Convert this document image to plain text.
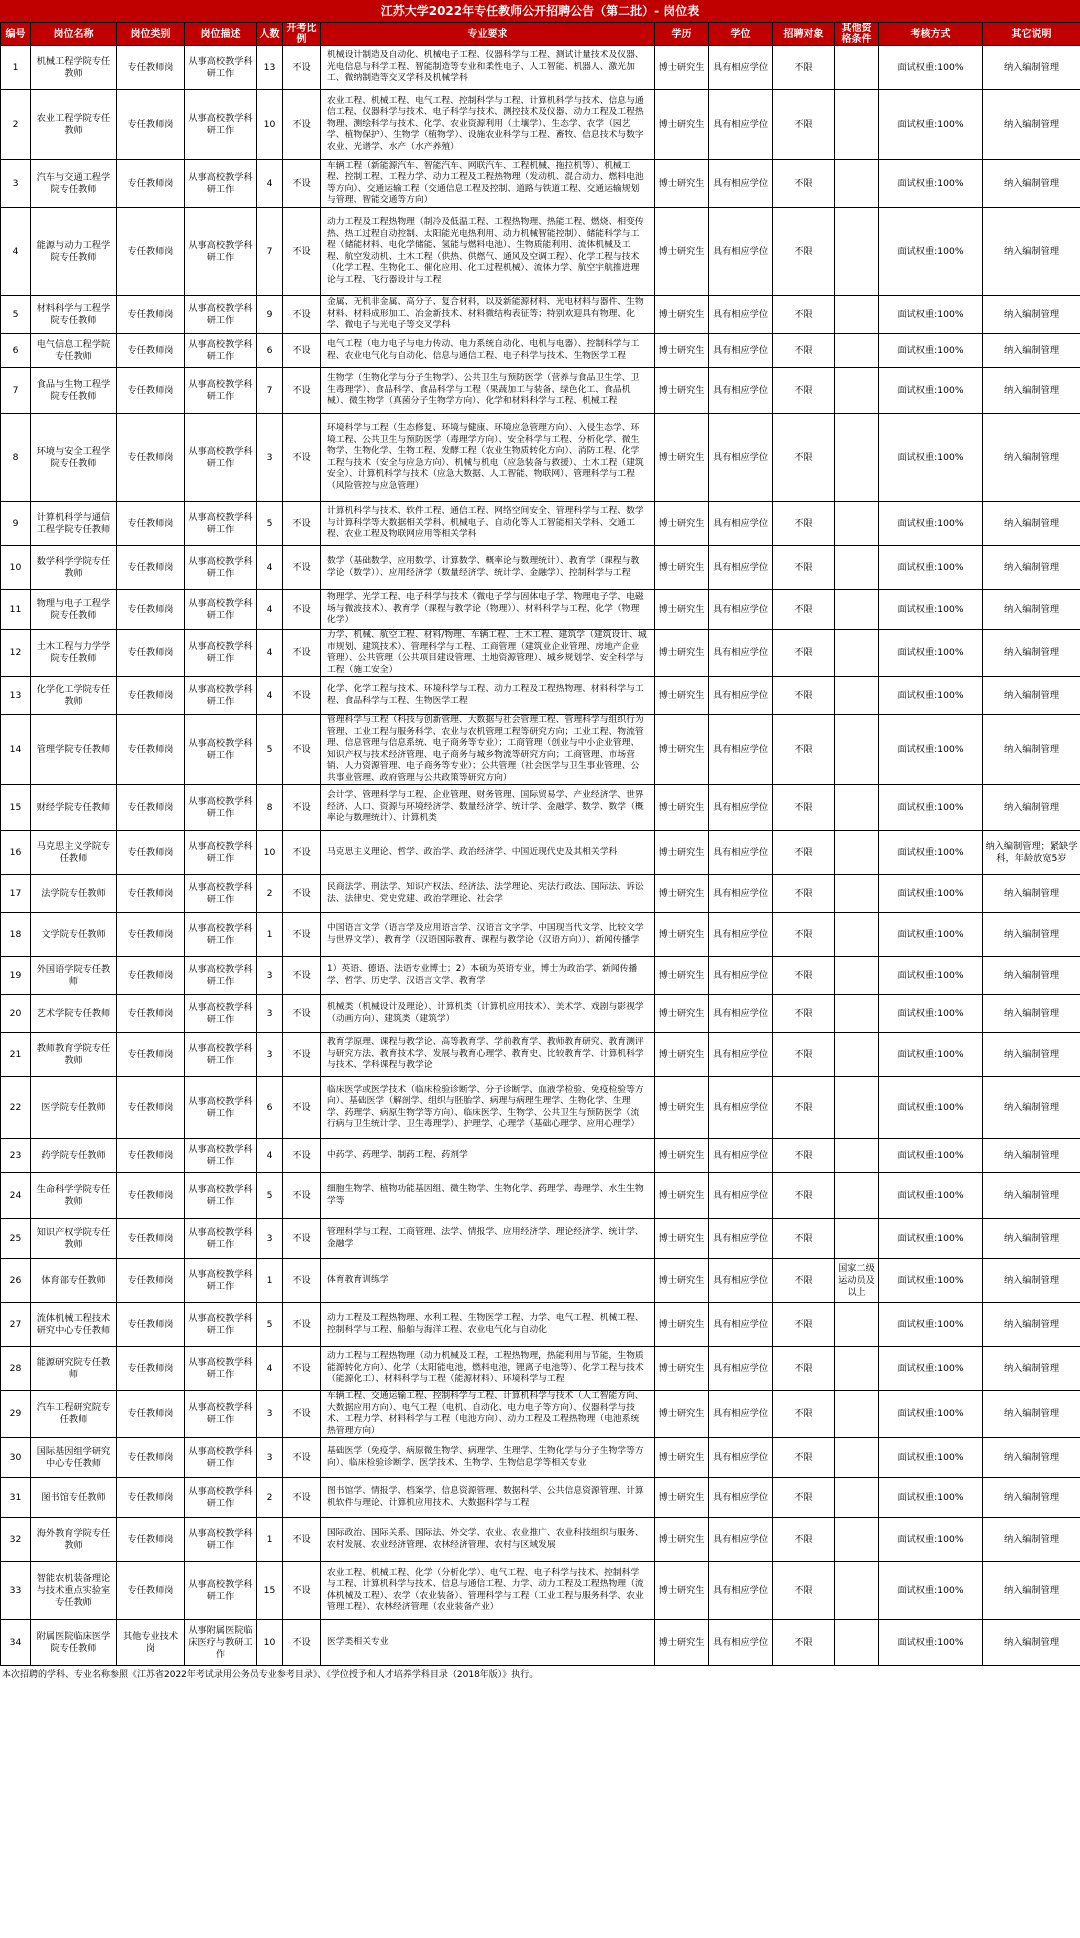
江苏大学2022年专任教师公开招聘公告（第二批）- 岗位表
编号	岗位名称	岗位类别	岗位描述	人数	开考比例	专业要求	学历	学位	招聘对象	其他资格条件	考核方式	其它说明
1	机械工程学院专任教师	专任教师岗	从事高校教学科研工作	13	不设	机械设计制造及自动化、机械电子工程、仪器科学与工程、测试计量技术及仪器、光电信息与科学工程、智能制造等专业和柔性电子、人工智能、机器人、激光加工、微纳制造等交叉学科及机械学科	博士研究生	具有相应学位	不限		面试权重:100%	纳入编制管理
2	农业工程学院专任教师	专任教师岗	从事高校教学科研工作	10	不设	农业工程、机械工程、电气工程、控制科学与工程、计算机科学与技术、信息与通信工程、仪器科学与技术、电子科学与技术、测控技术及仪器、动力工程及工程热物理、测绘科学与技术、化学、农业资源利用（土壤学）、生态学、农学（园艺学、植物保护）、生物学（植物学）、设施农业科学与工程、畜牧、信息技术与数字农业、光谱学、水产（水产养殖）	博士研究生	具有相应学位	不限		面试权重:100%	纳入编制管理
3	汽车与交通工程学院专任教师	专任教师岗	从事高校教学科研工作	4	不设	车辆工程（新能源汽车、智能汽车、网联汽车、工程机械、拖拉机等）、机械工程、控制工程、工程力学、动力工程及工程热物理（发动机、混合动力、燃料电池等方向）、交通运输工程（交通信息工程及控制、道路与铁道工程、交通运输规划与管理、智能交通等方向）	博士研究生	具有相应学位	不限		面试权重:100%	纳入编制管理
4	能源与动力工程学院专任教师	专任教师岗	从事高校教学科研工作	7	不设	动力工程及工程热物理（制冷及低温工程、工程热物理、热能工程、燃烧、相变传热、热工过程自动控制、太阳能光电热利用、动力机械智能控制）、储能科学与工程（储能材料、电化学储能、氢能与燃料电池）、生物质能利用、流体机械及工程、航空发动机、土木工程（供热、供燃气、通风及空调工程）、化学工程与技术（化学工程、生物化工、催化应用、化工过程机械）、流体力学、航空宇航推进理论与工程、飞行器设计与工程	博士研究生	具有相应学位	不限		面试权重:100%	纳入编制管理
5	材料科学与工程学院专任教师	专任教师岗	从事高校教学科研工作	9	不设	金属、无机非金属、高分子、复合材料，以及新能源材料、光电材料与器件、生物材料、材料成形加工、冶金新技术、材料微结构表征等；特别欢迎具有物理、化学、微电子与光电子等交叉学科	博士研究生	具有相应学位	不限		面试权重:100%	纳入编制管理
6	电气信息工程学院专任教师	专任教师岗	从事高校教学科研工作	6	不设	电气工程（电力电子与电力传动、电力系统自动化、电机与电器）、控制科学与工程、农业电气化与自动化、信息与通信工程、电子科学与技术、生物医学工程	博士研究生	具有相应学位	不限		面试权重:100%	纳入编制管理
7	食品与生物工程学院专任教师	专任教师岗	从事高校教学科研工作	7	不设	生物学（生物化学与分子生物学）、公共卫生与预防医学（营养与食品卫生学、卫生毒理学）、食品科学、食品科学与工程（果蔬加工与装备、绿色化工、食品机械）、微生物学（真菌分子生物学方向）、化学和材料科学与工程、机械工程	博士研究生	具有相应学位	不限		面试权重:100%	纳入编制管理
8	环境与安全工程学院专任教师	专任教师岗	从事高校教学科研工作	3	不设	环境科学与工程（生态修复、环境与健康、环境应急管理方向）、入侵生态学、环境工程、公共卫生与预防医学（毒理学方向）、安全科学与工程、分析化学、微生物学、生物化学、生物工程、发酵工程（农业生物质转化方向）、消防工程、化学工程与技术（安全与应急方向）、机械与机电（应急装备与救援）、土木工程（建筑安全）、计算机科学与技术（应急大数据、人工智能、物联网）、管理科学与工程（风险管控与应急管理）	博士研究生	具有相应学位	不限		面试权重:100%	纳入编制管理
9	计算机科学与通信工程学院专任教师	专任教师岗	从事高校教学科研工作	5	不设	计算机科学与技术、软件工程、通信工程、网络空间安全、管理科学与工程、数学与计算科学等大数据相关学科、机械电子、自动化等人工智能相关学科、交通工程、农业工程及物联网应用等相关学科	博士研究生	具有相应学位	不限		面试权重:100%	纳入编制管理
10	数学科学学院专任教师	专任教师岗	从事高校教学科研工作	4	不设	数学（基础数学、应用数学、计算数学、概率论与数理统计）、教育学（课程与教学论（数学））、应用经济学（数量经济学、统计学、金融学）、控制科学与工程	博士研究生	具有相应学位	不限		面试权重:100%	纳入编制管理
11	物理与电子工程学院专任教师	专任教师岗	从事高校教学科研工作	4	不设	物理学、光学工程、电子科学与技术（微电子学与固体电子学、物理电子学、电磁场与微波技术）、教育学（课程与教学论（物理））、材料科学与工程、化学（物理化学）	博士研究生	具有相应学位	不限		面试权重:100%	纳入编制管理
12	土木工程与力学学院专任教师	专任教师岗	从事高校教学科研工作	4	不设	力学、机械、航空工程、材料/物理、车辆工程、土木工程、建筑学（建筑设计、城市规划、建筑技术）、管理科学与工程、工商管理（建筑业企业管理、房地产企业管理）、公共管理（公共项目建设管理、土地资源管理）、城乡规划学、安全科学与工程（施工安全）	博士研究生	具有相应学位	不限		面试权重:100%	纳入编制管理
13	化学化工学院专任教师	专任教师岗	从事高校教学科研工作	4	不设	化学、化学工程与技术、环境科学与工程、动力工程及工程热物理、材料科学与工程、食品科学与工程、生物医学工程	博士研究生	具有相应学位	不限		面试权重:100%	纳入编制管理
14	管理学院专任教师	专任教师岗	从事高校教学科研工作	5	不设	管理科学与工程（科技与创新管理、大数据与社会管理工程、管理科学与组织行为管理、工业工程与服务科学、农业与农机管理工程等研究方向；工业工程、物流管理、信息管理与信息系统、电子商务等专业）；工商管理（创业与中小企业管理、知识产权与技术经济管理、电子商务与城乡物流等研究方向；工商管理、市场营销、人力资源管理、电子商务等专业）；公共管理（社会医学与卫生事业管理、公共事业管理、政府管理与公共政策等研究方向）	博士研究生	具有相应学位	不限		面试权重:100%	纳入编制管理
15	财经学院专任教师	专任教师岗	从事高校教学科研工作	8	不设	会计学、管理科学与工程、企业管理、财务管理、国际贸易学、产业经济学、世界经济、人口、资源与环境经济学、数量经济学、统计学、金融学、数学、数学（概率论与数理统计）、计算机类	博士研究生	具有相应学位	不限		面试权重:100%	纳入编制管理
16	马克思主义学院专任教师	专任教师岗	从事高校教学科研工作	10	不设	马克思主义理论、哲学、政治学、政治经济学、中国近现代史及其相关学科	博士研究生	具有相应学位	不限		面试权重:100%	纳入编制管理；紧缺学科，年龄放宽5岁
17	法学院专任教师	专任教师岗	从事高校教学科研工作	2	不设	民商法学、刑法学、知识产权法、经济法、法学理论、宪法行政法、国际法、诉讼法、法律史、党史党建、政治学理论、社会学	博士研究生	具有相应学位	不限		面试权重:100%	纳入编制管理
18	文学院专任教师	专任教师岗	从事高校教学科研工作	1	不设	中国语言文学（语言学及应用语言学、汉语言文字学、中国现当代文学、比较文学与世界文学）、教育学（汉语国际教育、课程与教学论（汉语方向））、新闻传播学	博士研究生	具有相应学位	不限		面试权重:100%	纳入编制管理
19	外国语学院专任教师	专任教师岗	从事高校教学科研工作	3	不设	1）英语、德语、法语专业博士；2）本硕为英语专业，博士为政治学、新闻传播学、哲学、历史学、汉语言文学、教育学	博士研究生	具有相应学位	不限		面试权重:100%	纳入编制管理
20	艺术学院专任教师	专任教师岗	从事高校教学科研工作	3	不设	机械类（机械设计及理论）、计算机类（计算机应用技术）、美术学、戏剧与影视学（动画方向）、建筑类（建筑学）	博士研究生	具有相应学位	不限		面试权重:100%	纳入编制管理
21	教师教育学院专任教师	专任教师岗	从事高校教学科研工作	3	不设	教育学原理、课程与教学论、高等教育学、学前教育学、教师教育研究、教育测评与研究方法、教育技术学、发展与教育心理学、教育史、比较教育学、计算机科学与技术、学科课程与教学论	博士研究生	具有相应学位	不限		面试权重:100%	纳入编制管理
22	医学院专任教师	专任教师岗	从事高校教学科研工作	6	不设	临床医学或医学技术（临床检验诊断学、分子诊断学、血液学检验、免疫检验等方向）、基础医学（解剖学、组织与胚胎学、病理与病理生理学、生物化学、生理学、药理学、病原生物学等方向）、临床医学、生物学、公共卫生与预防医学（流行病与卫生统计学、卫生毒理学）、护理学、心理学（基础心理学、应用心理学）	博士研究生	具有相应学位	不限		面试权重:100%	纳入编制管理
23	药学院专任教师	专任教师岗	从事高校教学科研工作	4	不设	中药学、药理学、制药工程、药剂学	博士研究生	具有相应学位	不限		面试权重:100%	纳入编制管理
24	生命科学学院专任教师	专任教师岗	从事高校教学科研工作	5	不设	细胞生物学、植物功能基因组、微生物学、生物化学、药理学、毒理学、水生生物学等	博士研究生	具有相应学位	不限		面试权重:100%	纳入编制管理
25	知识产权学院专任教师	专任教师岗	从事高校教学科研工作	3	不设	管理科学与工程、工商管理、法学、情报学、应用经济学、理论经济学、统计学、金融学	博士研究生	具有相应学位	不限		面试权重:100%	纳入编制管理
26	体育部专任教师	专任教师岗	从事高校教学科研工作	1	不设	体育教育训练学	博士研究生	具有相应学位	不限	国家二级运动员及以上	面试权重:100%	纳入编制管理
27	流体机械工程技术研究中心专任教师	专任教师岗	从事高校教学科研工作	5	不设	动力工程及工程热物理、水利工程、生物医学工程、力学、电气工程、机械工程、控制科学与工程、船舶与海洋工程、农业电气化与自动化	博士研究生	具有相应学位	不限		面试权重:100%	纳入编制管理
28	能源研究院专任教师	专任教师岗	从事高校教学科研工作	4	不设	动力工程与工程热物理（动力机械及工程，工程热物理，热能利用与节能，生物质能源转化方向）、化学（太阳能电池，燃料电池，锂离子电池等）、化学工程与技术（能源化工）、材料科学与工程（能源材料）、环境科学与工程	博士研究生	具有相应学位	不限		面试权重:100%	纳入编制管理
29	汽车工程研究院专任教师	专任教师岗	从事高校教学科研工作	3	不设	车辆工程、交通运输工程、控制科学与工程、计算机科学与技术（人工智能方向、大数据应用方向）、电气工程（电机、自动化、电力电子等方向）、仪器科学与技术、工程力学、材料科学与工程（电池方向）、动力工程及工程热物理（电池系统热管理方向）	博士研究生	具有相应学位	不限		面试权重:100%	纳入编制管理
30	国际基因组学研究中心专任教师	专任教师岗	从事高校教学科研工作	3	不设	基础医学（免疫学、病原微生物学、病理学、生理学、生物化学与分子生物学等方向）、临床检验诊断学、医学技术、生物学、生物信息学等相关专业	博士研究生	具有相应学位	不限		面试权重:100%	纳入编制管理
31	图书馆专任教师	专任教师岗	从事高校教学科研工作	2	不设	图书馆学、情报学、档案学、信息资源管理、数据科学、公共信息资源管理、计算机软件与理论、计算机应用技术、大数据科学与工程	博士研究生	具有相应学位	不限		面试权重:100%	纳入编制管理
32	海外教育学院专任教师	专任教师岗	从事高校教学科研工作	1	不设	国际政治、国际关系、国际法、外交学、农业、农业推广、农业科技组织与服务、农村发展、农业经济管理、农林经济管理、农村与区域发展	博士研究生	具有相应学位	不限		面试权重:100%	纳入编制管理
33	智能农机装备理论与技术重点实验室专任教师	专任教师岗	从事高校教学科研工作	15	不设	农业工程、机械工程、化学（分析化学）、电气工程、电子科学与技术、控制科学与工程、计算机科学与技术、信息与通信工程、力学、动力工程及工程热物理（流体机械及工程）、农学（农业装备）、管理科学与工程（工业工程与服务科学、农业管理工程）、农林经济管理（农业装备产业）	博士研究生	具有相应学位	不限		面试权重:100%	纳入编制管理
34	附属医院临床医学院专任教师	其他专业技术岗	从事附属医院临床医疗与教研工作	10	不设	医学类相关专业	博士研究生	具有相应学位	不限		面试权重:100%	纳入编制管理
本次招聘的学科、专业名称参照《江苏省2022年考试录用公务员专业参考目录》、《学位授予和人才培养学科目录（2018年版）》执行。
